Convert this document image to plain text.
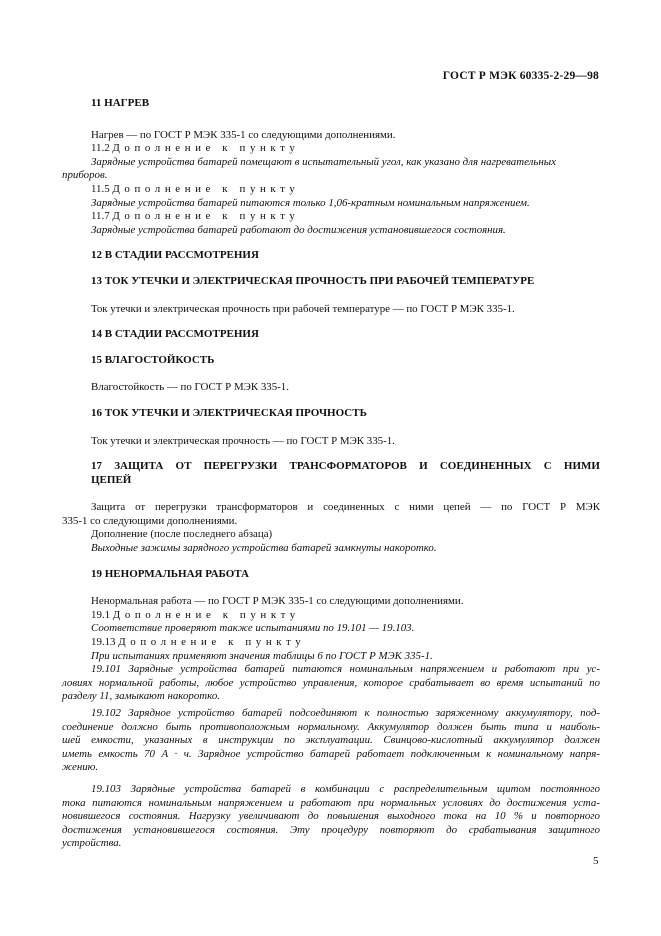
ГОСТ Р МЭК 60335-2-29—98
11 НАГРЕВ
Нагрев — по ГОСТ Р МЭК 335-1 со следующими дополнениями.
11.2 Дополнение к пункту
Зарядные устройства батарей помещают в испытательный угол, как указано для нагревательных
приборов.
11.5 Дополнение к пункту
Зарядные устройства батарей питаются только 1,06-кратным номинальным напряжением.
11.7 Дополнение к пункту
Зарядные устройства батарей работают до достижения установившегося состояния.
12 В СТАДИИ РАССМОТРЕНИЯ
13 ТОК УТЕЧКИ И ЭЛЕКТРИЧЕСКАЯ ПРОЧНОСТЬ ПРИ РАБОЧЕЙ ТЕМПЕРАТУРЕ
Ток утечки и электрическая прочность при рабочей температуре — по ГОСТ Р МЭК 335-1.
14 В СТАДИИ РАССМОТРЕНИЯ
15 ВЛАГОСТОЙКОСТЬ
Влагостойкость — по ГОСТ Р МЭК 335-1.
16 ТОК УТЕЧКИ И ЭЛЕКТРИЧЕСКАЯ ПРОЧНОСТЬ
Ток утечки и электрическая прочность — по ГОСТ Р МЭК 335-1.
17 ЗАЩИТА ОТ ПЕРЕГРУЗКИ ТРАНСФОРМАТОРОВ И СОЕДИНЕННЫХ С НИМИ
ЦЕПЕЙ
Защита от перегрузки трансформаторов и соединенных с ними цепей — по ГОСТ Р МЭК
335-1 со следующими дополнениями.
Дополнение (после последнего абзаца)
Выходные зажимы зарядного устройства батарей замкнуты накоротко.
19 НЕНОРМАЛЬНАЯ РАБОТА
Ненормальная работа — по ГОСТ Р МЭК 335-1 со следующими дополнениями.
19.1 Дополнение к пункту
Соответствие проверяют также испытаниями по 19.101 — 19.103.
19.13 Дополнение к пункту
При испытаниях применяют значения таблицы 6 по ГОСТ Р МЭК 335-1.
19.101 Зарядные устройства батарей питаются номинальным напряжением и работают при ус-
ловиях нормальной работы, любое устройство управления, которое срабатывает во время испытаний по
разделу 11, замыкают накоротко.
19.102 Зарядное устройство батарей подсоединяют к полностью заряженному аккумулятору, под-
соединение должно быть противоположным нормальному. Аккумулятор должен быть типа и наиболь-
шей емкости, указанных в инструкции по эксплуатации. Свинцово-кислотный аккумулятор должен
иметь емкость 70 А · ч. Зарядное устройство батарей работает подключенным к номинальному напря-
жению.
19.103 Зарядные устройства батарей в комбинации с распределительным щитом постоянного
тока питаются номинальным напряжением и работают при нормальных условиях до достижения уста-
новившегося состояния. Нагрузку увеличивают до повышения выходного тока на 10 % и повторного
достижения установившегося состояния. Эту процедуру повторяют до срабатывания защитного
устройства.
5
